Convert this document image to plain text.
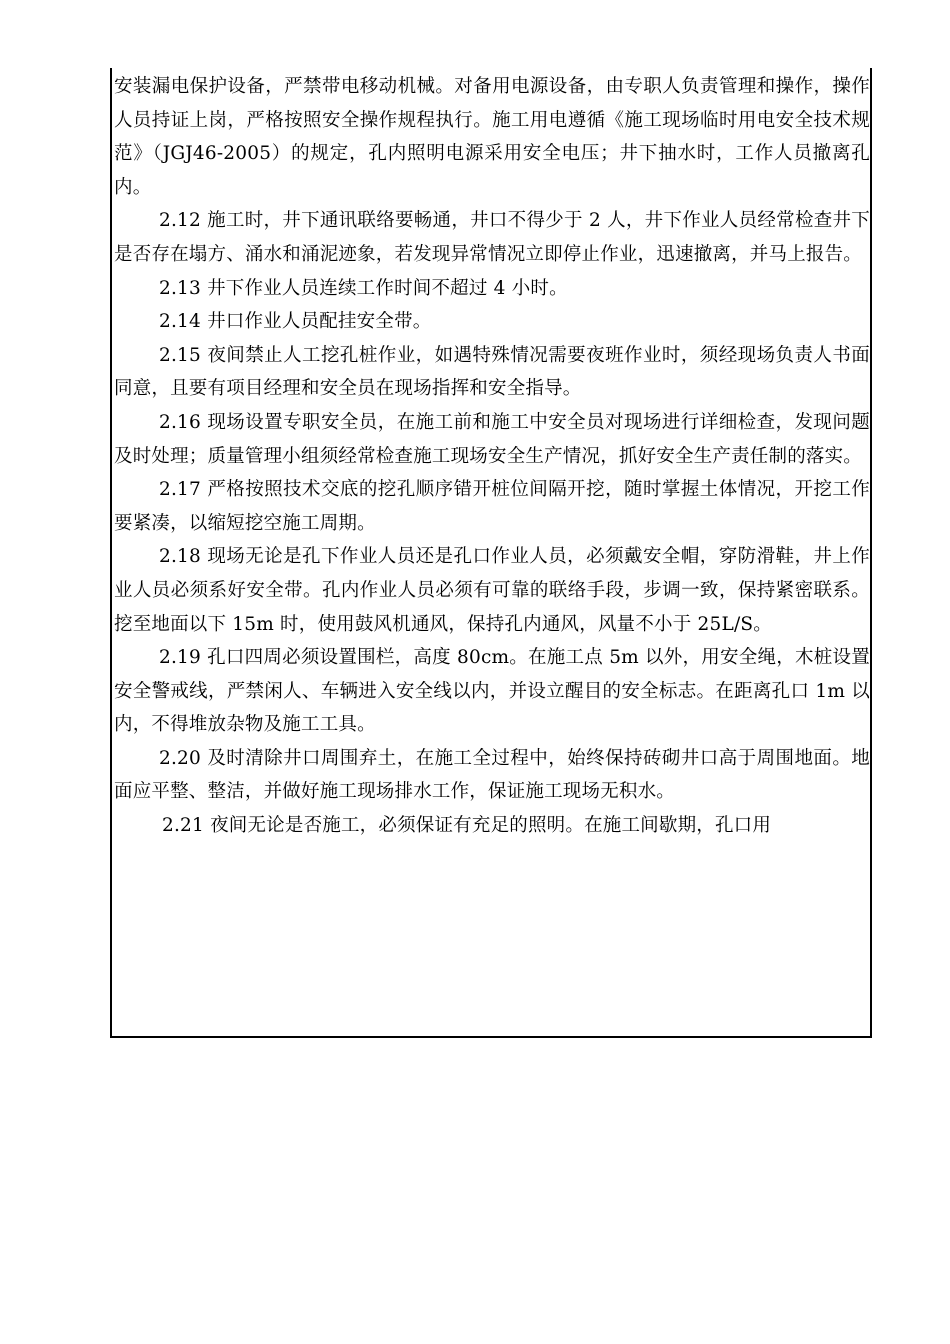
安装漏电保护设备，严禁带电移动机械。对备用电源设备，由专职人负责管理和操作，操作人员持证上岗，严格按照安全操作规程执行。施工用电遵循《施工现场临时用电安全技术规范》（JGJ46-2005）的规定，孔内照明电源采用安全电压；井下抽水时，工作人员撤离孔内。

2.12 施工时，井下通讯联络要畅通，井口不得少于 2 人，井下作业人员经常检查井下是否存在塌方、涌水和涌泥迹象，若发现异常情况立即停止作业，迅速撤离，并马上报告。

2.13 井下作业人员连续工作时间不超过 4 小时。

2.14 井口作业人员配挂安全带。

2.15 夜间禁止人工挖孔桩作业，如遇特殊情况需要夜班作业时，须经现场负责人书面同意，且要有项目经理和安全员在现场指挥和安全指导。

2.16 现场设置专职安全员，在施工前和施工中安全员对现场进行详细检查，发现问题及时处理；质量管理小组须经常检查施工现场安全生产情况，抓好安全生产责任制的落实。

2.17 严格按照技术交底的挖孔顺序错开桩位间隔开挖，随时掌握土体情况，开挖工作要紧凑，以缩短挖空施工周期。

2.18 现场无论是孔下作业人员还是孔口作业人员，必须戴安全帽，穿防滑鞋，井上作业人员必须系好安全带。孔内作业人员必须有可靠的联络手段，步调一致，保持紧密联系。挖至地面以下 15m 时，使用鼓风机通风，保持孔内通风，风量不小于 25L/S。

2.19 孔口四周必须设置围栏，高度 80cm。在施工点 5m 以外，用安全绳，木桩设置安全警戒线，严禁闲人、车辆进入安全线以内，并设立醒目的安全标志。在距离孔口 1m 以内，不得堆放杂物及施工工具。

2.20 及时清除井口周围弃土，在施工全过程中，始终保持砖砌井口高于周围地面。地面应平整、整洁，并做好施工现场排水工作，保证施工现场无积水。

2.21 夜间无论是否施工，必须保证有充足的照明。在施工间歇期，孔口用
